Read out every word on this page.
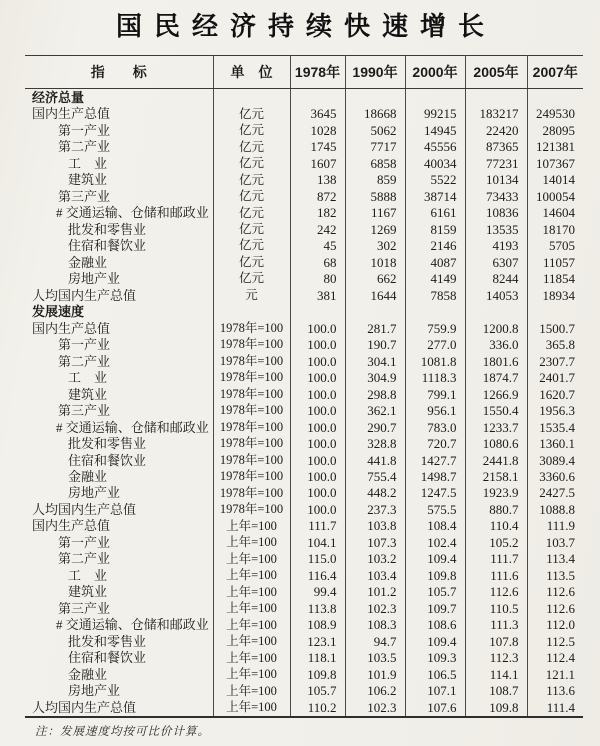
国民经济持续快速增长
指　　标	单　位	1978年	1990年	2000年	2005年	2007年
经济总量						
国内生产总值	亿元	3645	18668	99215	183217	249530
第一产业	亿元	1028	5062	14945	22420	28095
第二产业	亿元	1745	7717	45556	87365	121381
工　业	亿元	1607	6858	40034	77231	107367
建筑业	亿元	138	859	5522	10134	14014
第三产业	亿元	872	5888	38714	73433	100054
# 交通运输、仓储和邮政业	亿元	182	1167	6161	10836	14604
批发和零售业	亿元	242	1269	8159	13535	18170
住宿和餐饮业	亿元	45	302	2146	4193	5705
金融业	亿元	68	1018	4087	6307	11057
房地产业	亿元	80	662	4149	8244	11854
人均国内生产总值	元	381	1644	7858	14053	18934
发展速度						
国内生产总值	1978年=100	100.0	281.7	759.9	1200.8	1500.7
第一产业	1978年=100	100.0	190.7	277.0	336.0	365.8
第二产业	1978年=100	100.0	304.1	1081.8	1801.6	2307.7
工　业	1978年=100	100.0	304.9	1118.3	1874.7	2401.7
建筑业	1978年=100	100.0	298.8	799.1	1266.9	1620.7
第三产业	1978年=100	100.0	362.1	956.1	1550.4	1956.3
# 交通运输、仓储和邮政业	1978年=100	100.0	290.7	783.0	1233.7	1535.4
批发和零售业	1978年=100	100.0	328.8	720.7	1080.6	1360.1
住宿和餐饮业	1978年=100	100.0	441.8	1427.7	2441.8	3089.4
金融业	1978年=100	100.0	755.4	1498.7	2158.1	3360.6
房地产业	1978年=100	100.0	448.2	1247.5	1923.9	2427.5
人均国内生产总值	1978年=100	100.0	237.3	575.5	880.7	1088.8
国内生产总值	上年=100	111.7	103.8	108.4	110.4	111.9
第一产业	上年=100	104.1	107.3	102.4	105.2	103.7
第二产业	上年=100	115.0	103.2	109.4	111.7	113.4
工　业	上年=100	116.4	103.4	109.8	111.6	113.5
建筑业	上年=100	99.4	101.2	105.7	112.6	112.6
第三产业	上年=100	113.8	102.3	109.7	110.5	112.6
# 交通运输、仓储和邮政业	上年=100	108.9	108.3	108.6	111.3	112.0
批发和零售业	上年=100	123.1	94.7	109.4	107.8	112.5
住宿和餐饮业	上年=100	118.1	103.5	109.3	112.3	112.4
金融业	上年=100	109.8	101.9	106.5	114.1	121.1
房地产业	上年=100	105.7	106.2	107.1	108.7	113.6
人均国内生产总值	上年=100	110.2	102.3	107.6	109.8	111.4
注：发展速度均按可比价计算。
